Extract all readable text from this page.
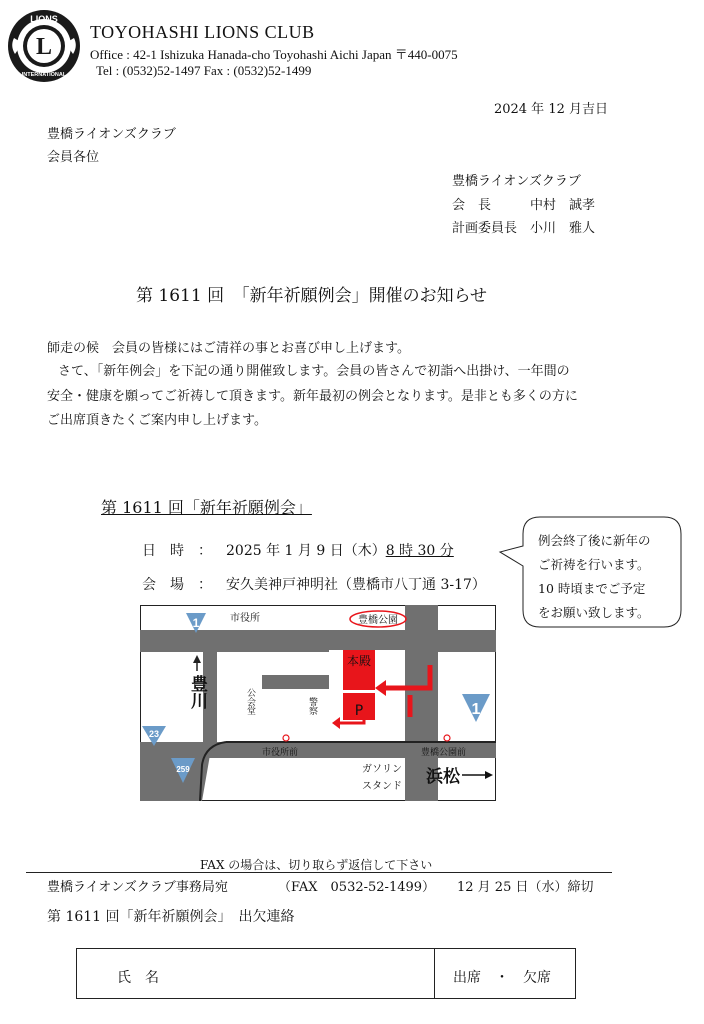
LIONS
L
INTERNATIONAL
TOYOHASHI LIONS CLUB
Office : 42-1 Ishizuka Hanada-cho Toyohashi Aichi Japan 〒440-0075
Tel : (0532)52-1497 Fax : (0532)52-1499
2024 年 12 月吉日
豊橋ライオンズクラブ
会員各位
豊橋ライオンズクラブ
会　長　　　中村　誠孝
計画委員長　小川　雅人
第 1611 回　「新年祈願例会」開催のお知らせ
師走の候　会員の皆様にはご清祥の事とお喜び申し上げます。
さて、「新年例会」を下記の通り開催致します。会員の皆さんで初詣へ出掛け、一年間の
安全・健康を願ってご祈祷して頂きます。新年最初の例会となります。是非とも多くの方に
ご出席頂きたくご案内申し上げます。
第 1611 回「新年祈願例会」
日　時　： 2025 年 1 月 9 日（木）8 時 30 分
会　場　： 安久美神戸神明社（豊橋市八丁通 3-17）
例会終了後に新年の
ご祈祷を行います。
10 時頃までご予定
をお願い致します。
市役所	豊橋公園
本殿
P
公会堂	警察
豊川
市役所前	豊橋公園前
ガソリン
スタンド 浜松
1
1
23
259
FAX の場合は、切り取らず返信して下さい
豊橋ライオンズクラブ事務局宛	（FAX　0532-52-1499） 12 月 25 日（水）締切
第 1611 回「新年祈願例会」　出欠連絡
氏　名	出席　・　欠席
